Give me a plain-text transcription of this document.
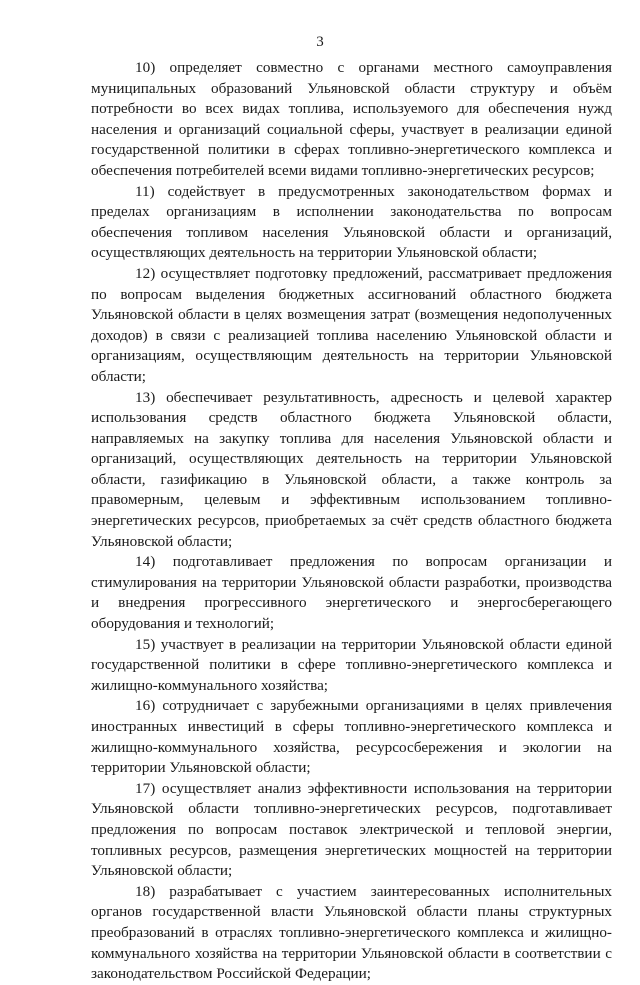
3

10) определяет совместно с органами местного самоуправления муниципальных образований Ульяновской области структуру и объём потребности во всех видах топлива, используемого для обеспечения нужд населения и организаций социальной сферы, участвует в реализации единой государственной политики в сферах топливно-энергетического комплекса и обеспечения потребителей всеми видами топливно-энергетических ресурсов;

11) содействует в предусмотренных законодательством формах и пределах организациям в исполнении законодательства по вопросам обеспечения топливом населения Ульяновской области и организаций, осуществляющих деятельность на территории Ульяновской области;

12) осуществляет подготовку предложений, рассматривает предложения по вопросам выделения бюджетных ассигнований областного бюджета Ульяновской области в целях возмещения затрат (возмещения недополученных доходов) в связи с реализацией топлива населению Ульяновской области и организациям, осуществляющим деятельность на территории Ульяновской области;

13) обеспечивает результативность, адресность и целевой характер использования средств областного бюджета Ульяновской области, направляемых на закупку топлива для населения Ульяновской области и организаций, осуществляющих деятельность на территории Ульяновской области, газификацию в Ульяновской области, а также контроль за правомерным, целевым и эффективным использованием топливно-энергетических ресурсов, приобретаемых за счёт средств областного бюджета Ульяновской области;

14) подготавливает предложения по вопросам организации и стимулирования на территории Ульяновской области разработки, производства и внедрения прогрессивного энергетического и энергосберегающего оборудования и технологий;

15) участвует в реализации на территории Ульяновской области единой государственной политики в сфере топливно-энергетического комплекса и жилищно-коммунального хозяйства;

16) сотрудничает с зарубежными организациями в целях привлечения иностранных инвестиций в сферы топливно-энергетического комплекса и жилищно-коммунального хозяйства, ресурсосбережения и экологии на территории Ульяновской области;

17) осуществляет анализ эффективности использования на территории Ульяновской области топливно-энергетических ресурсов, подготавливает предложения по вопросам поставок электрической и тепловой энергии, топливных ресурсов, размещения энергетических мощностей на территории Ульяновской области;

18) разрабатывает с участием заинтересованных исполнительных органов государственной власти Ульяновской области планы структурных преобразований в отраслях топливно-энергетического комплекса и жилищно-коммунального хозяйства на территории Ульяновской области в соответствии с законодательством Российской Федерации;
